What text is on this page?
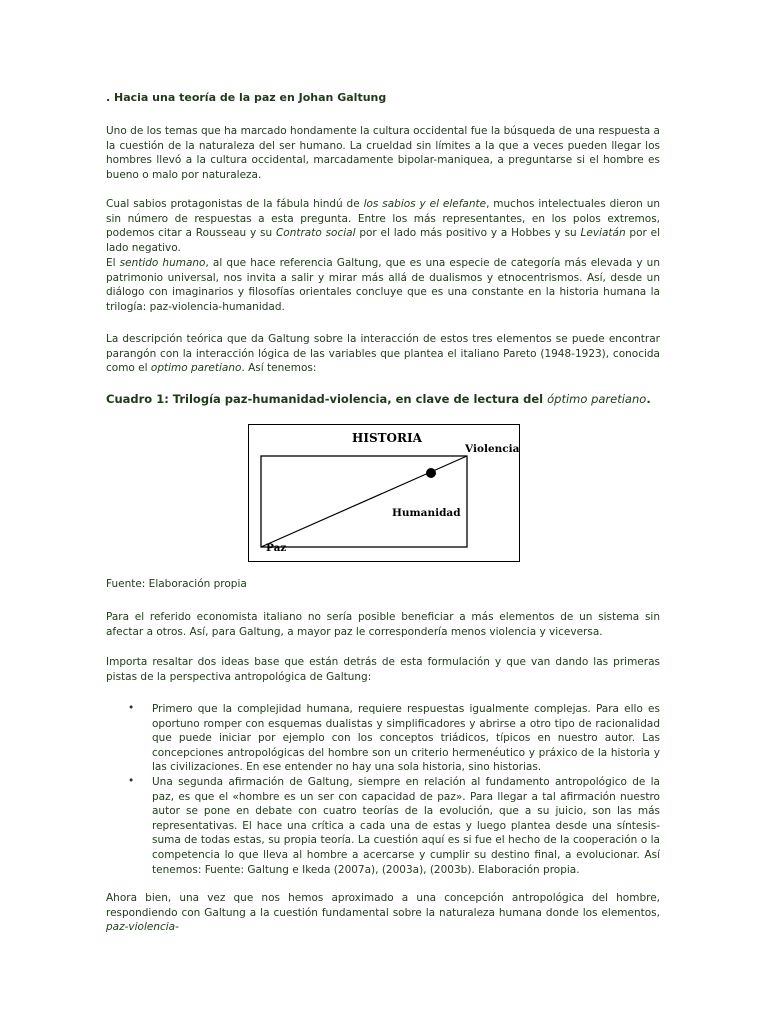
. Hacia una teoría de la paz en Johan Galtung

Uno de los temas que ha marcado hondamente la cultura occidental fue la búsqueda de una respuesta a la cuestión de la naturaleza del ser humano. La crueldad sin límites a la que a veces pueden llegar los hombres llevó a la cultura occidental, marcadamente bipolar-maniquea, a preguntarse si el hombre es bueno o malo por naturaleza.

Cual sabios protagonistas de la fábula hindú de los sabios y el elefante, muchos intelectuales dieron un sin número de respuestas a esta pregunta. Entre los más representantes, en los polos extremos, podemos citar a Rousseau y su Contrato social por el lado más positivo y a Hobbes y su Leviatán por el lado negativo.

El sentido humano, al que hace referencia Galtung, que es una especie de categoría más elevada y un patrimonio universal, nos invita a salir y mirar más allá de dualismos y etnocentrismos. Así, desde un diálogo con imaginarios y filosofías orientales concluye que es una constante en la historia humana la trilogía: paz-violencia-humanidad.

La descripción teórica que da Galtung sobre la interacción de estos tres elementos se puede encontrar parangón con la interacción lógica de las variables que plantea el italiano Pareto (1948-1923), conocida como el optimo paretiano. Así tenemos:

Cuadro 1: Trilogía paz-humanidad-violencia, en clave de lectura del óptimo paretiano.

Fuente: Elaboración propia

Para el referido economista italiano no sería posible beneficiar a más elementos de un sistema sin afectar a otros. Así, para Galtung, a mayor paz le correspondería menos violencia y viceversa.

Importa resaltar dos ideas base que están detrás de esta formulación y que van dando las primeras pistas de la perspectiva antropológica de Galtung:

• Primero que la complejidad humana, requiere respuestas igualmente complejas. Para ello es oportuno romper con esquemas dualistas y simplificadores y abrirse a otro tipo de racionalidad que puede iniciar por ejemplo con los conceptos triádicos, típicos en nuestro autor. Las concepciones antropológicas del hombre son un criterio hermenéutico y práxico de la historia y las civilizaciones. En ese entender no hay una sola historia, sino historias.

• Una segunda afirmación de Galtung, siempre en relación al fundamento antropológico de la paz, es que el «hombre es un ser con capacidad de paz». Para llegar a tal afirmación nuestro autor se pone en debate con cuatro teorías de la evolución, que a su juicio, son las más representativas. El hace una crítica a cada una de estas y luego plantea desde una síntesis-suma de todas estas, su propia teoría. La cuestión aquí es si fue el hecho de la cooperación o la competencia lo que lleva al hombre a acercarse y cumplir su destino final, a evolucionar. Así tenemos: Fuente: Galtung e Ikeda (2007a), (2003a), (2003b). Elaboración propia.

Ahora bien, una vez que nos hemos aproximado a una concepción antropológica del hombre, respondiendo con Galtung a la cuestión fundamental sobre la naturaleza humana donde los elementos, paz-violencia-

HISTORIA
Violencia
Humanidad
Paz
